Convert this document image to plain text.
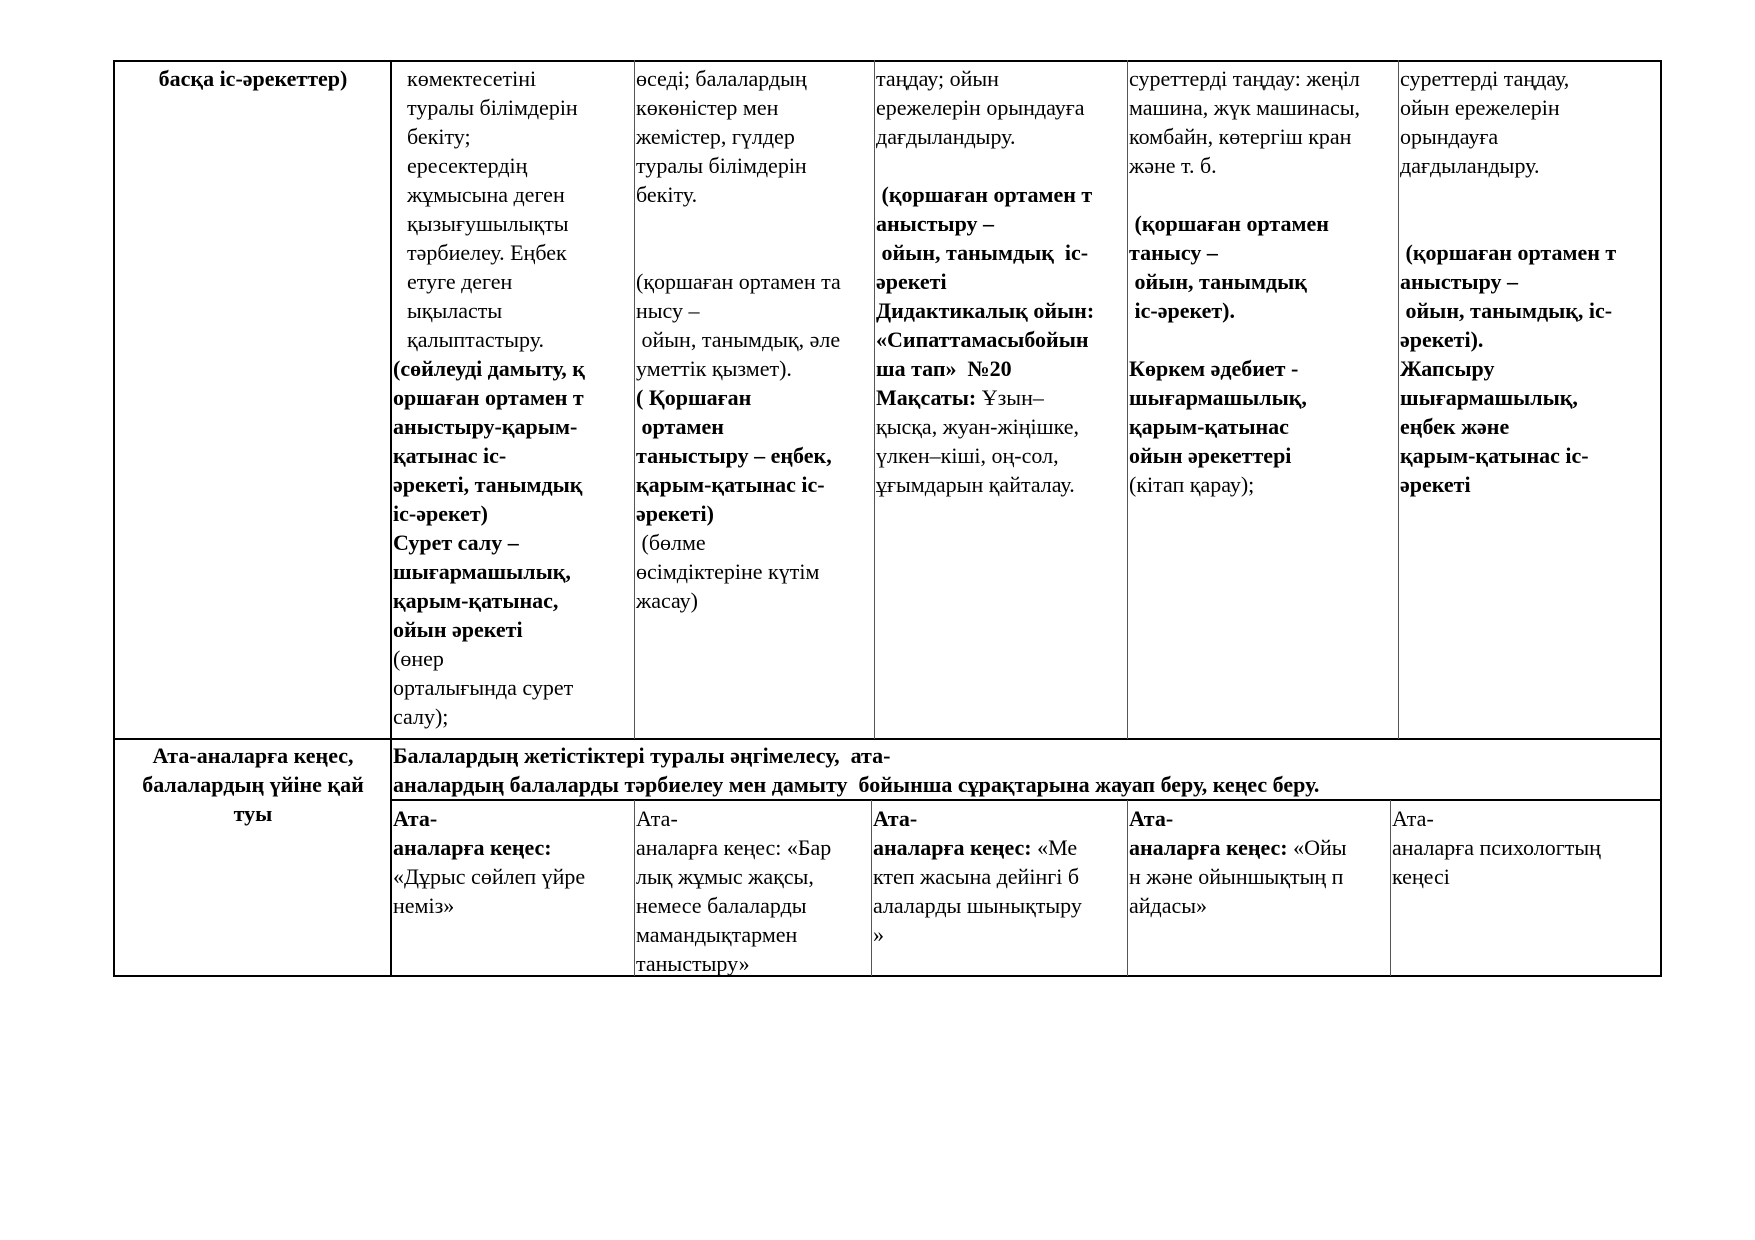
басқа іс-әрекеттер)	көмектесетіні
туралы білімдерін
бекіту;
ересектердің
жұмысына деген
қызығушылықты
тәрбиелеу. Еңбек
етуге деген
ықыласты
қалыптастыру.
(сөйлеуді дамыту, қ
оршаған ортамен т
аныстыру-қарым-
қатынас іс-
әрекеті, танымдық
іс-әрекет)
Сурет салу –
шығармашылық,
қарым-қатынас,
ойын әрекеті
(өнер
орталығында сурет
салу);
өседі; балалардың
көкөністер мен
жемістер, гүлдер
туралы білімдерін
бекіту.

(қоршаған ортамен та
нысу –
ойын, танымдық, әле
уметтік қызмет).
( Қоршаған
ортамен
таныстыру – еңбек,
қарым-қатынас іс-
әрекеті)
(бөлме
өсімдіктеріне күтім
жасау)
таңдау; ойын
ережелерін орындауға
дағдыландыру.

(қоршаған ортамен т
аныстыру –
ойын, танымдық  іс-
әрекеті
Дидактикалық ойын:
«Сипаттамасыбойын
ша тап»  №20
Мақсаты: Ұзын–
қысқа, жуан-жіңішке,
үлкен–кіші, оң-сол,
ұғымдарын қайталау.
суреттерді таңдау: жеңіл
машина, жүк машинасы,
комбайн, көтергіш кран
және т. б.

(қоршаған ортамен
танысу –
ойын, танымдық
іс-әрекет).

Көркем әдебиет -
шығармашылық,
қарым-қатынас
ойын әрекеттері
(кітап қарау);
суреттерді таңдау,
ойын ережелерін
орындауға
дағдыландыру.

(қоршаған ортамен т
аныстыру –
ойын, танымдық, іс-
әрекеті).
Жапсыру
шығармашылық,
еңбек және
қарым-қатынас іс-
әрекеті
Ата-аналарға кеңес,
балалардың үйіне қай
туы
Балалардың жетістіктері туралы әңгімелесу,  ата-
аналардың балаларды тәрбиелеу мен дамыту  бойынша сұрақтарына жауап беру, кеңес беру.
Ата-
аналарға кеңес:
«Дұрыс сөйлеп үйре
неміз»
Ата-
аналарға кеңес: «Бар
лық жұмыс жақсы,
немесе балаларды
мамандықтармен
таныстыру»
Ата-
аналарға кеңес: «Ме
ктеп жасына дейінгі б
алаларды шынықтыру
»
Ата-
аналарға кеңес: «Ойы
н және ойыншықтың п
айдасы»
Ата-
аналарға психологтың
кеңесі
